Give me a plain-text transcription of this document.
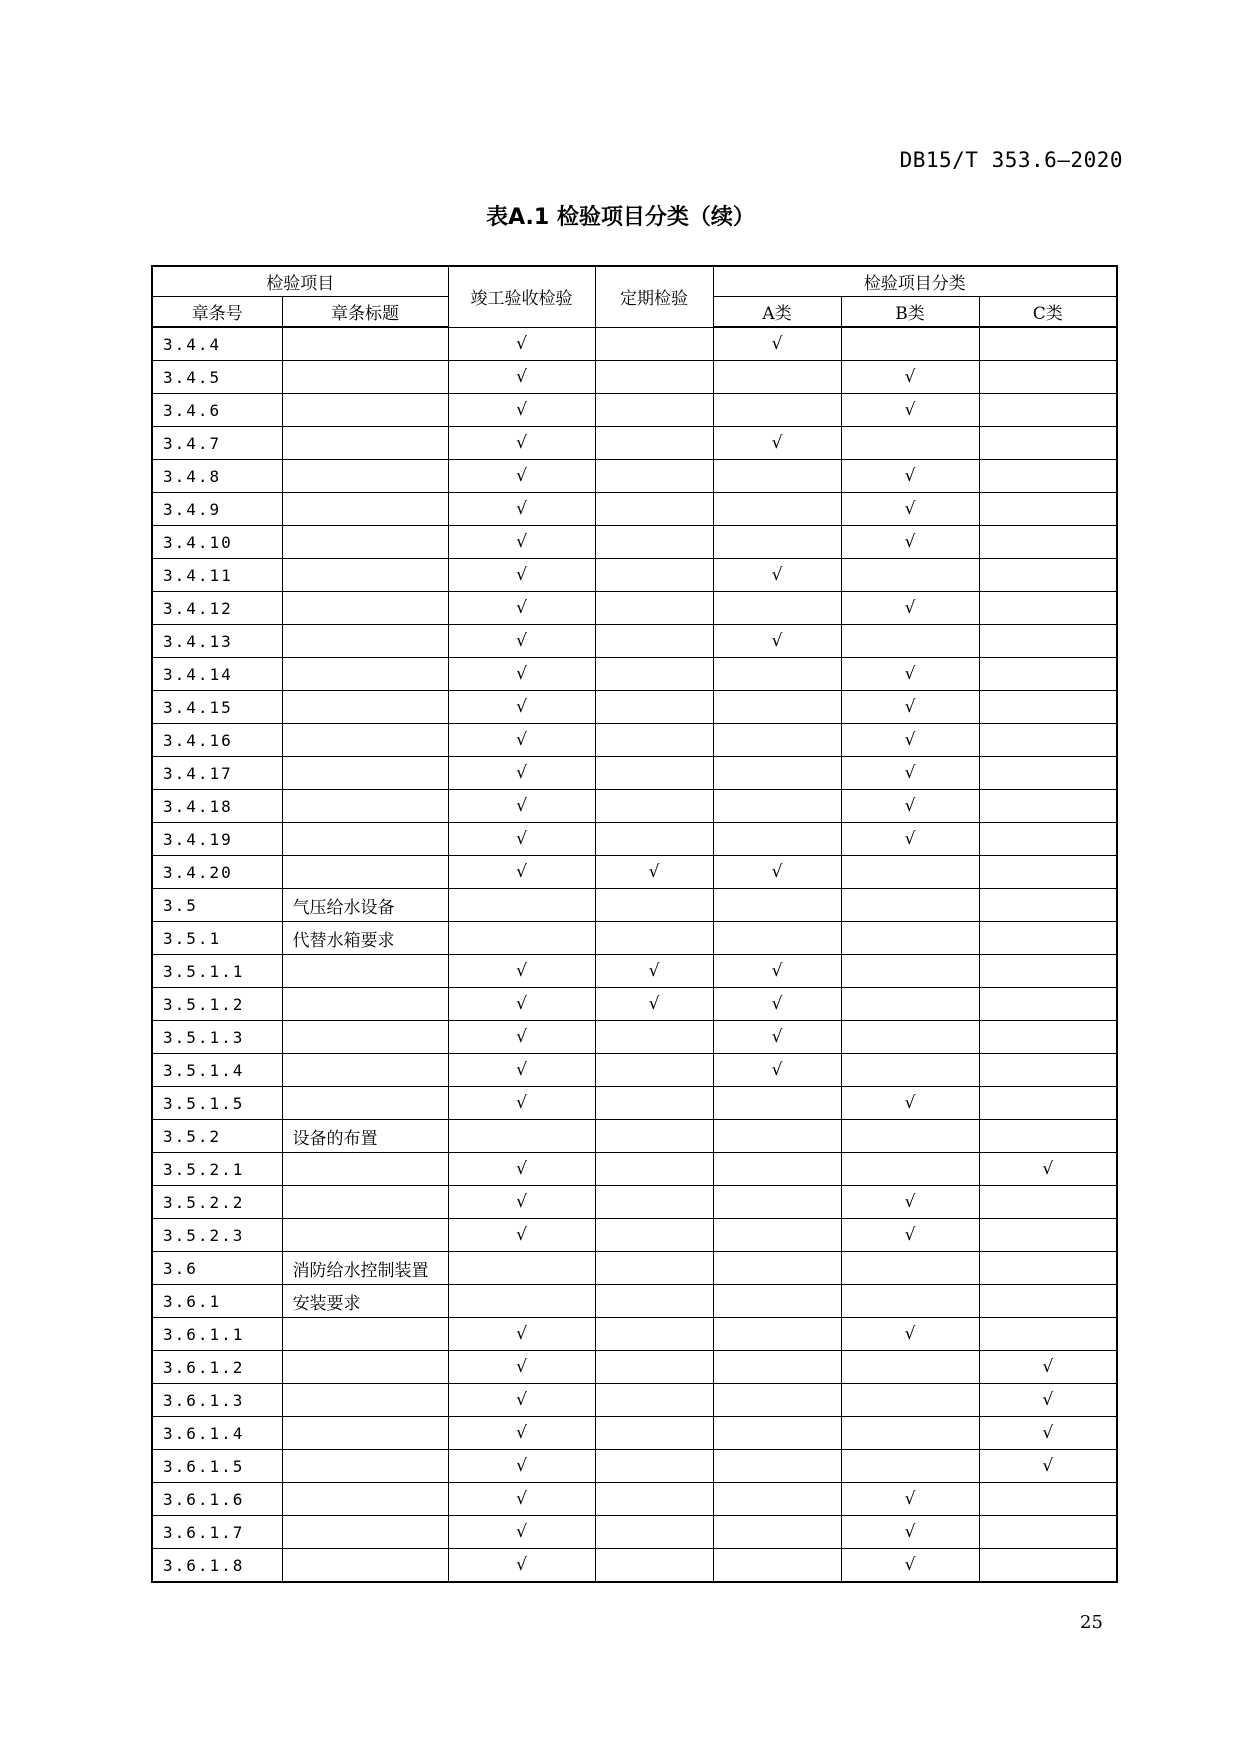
DB15/T 353.6—2020
表A.1 检验项目分类（续）
检验项目		竣工验收检验	定期检验	检验项目分类		
章条号	章条标题			A类	B类	C类
3.4.4		√		√		
3.4.5		√			√	
3.4.6		√			√	
3.4.7		√		√		
3.4.8		√			√	
3.4.9		√			√	
3.4.10		√			√	
3.4.11		√		√		
3.4.12		√			√	
3.4.13		√		√		
3.4.14		√			√	
3.4.15		√			√	
3.4.16		√			√	
3.4.17		√			√	
3.4.18		√			√	
3.4.19		√			√	
3.4.20		√	√	√		
3.5	气压给水设备					
3.5.1	代替水箱要求					
3.5.1.1		√	√	√		
3.5.1.2		√	√	√		
3.5.1.3		√		√		
3.5.1.4		√		√		
3.5.1.5		√			√	
3.5.2	设备的布置					
3.5.2.1		√				√
3.5.2.2		√			√	
3.5.2.3		√			√	
3.6	消防给水控制装置					
3.6.1	安装要求					
3.6.1.1		√			√	
3.6.1.2		√				√
3.6.1.3		√				√
3.6.1.4		√				√
3.6.1.5		√				√
3.6.1.6		√			√	
3.6.1.7		√			√	
3.6.1.8		√			√	
25
